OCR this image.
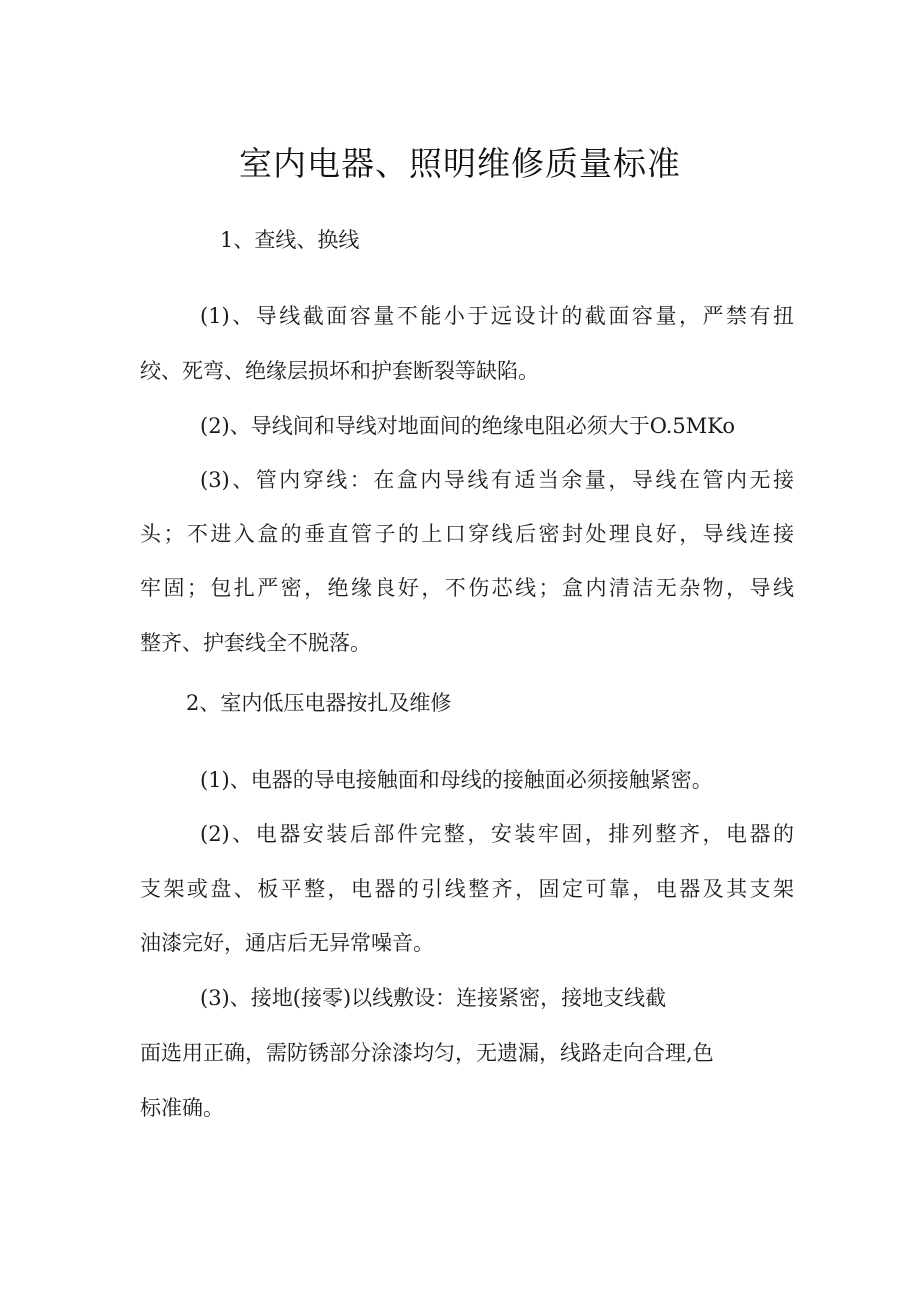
室内电器、照明维修质量标准
1、查线、换线
(1)、导线截面容量不能小于远设计的截面容量，严禁有扭
绞、死弯、绝缘层损坏和护套断裂等缺陷。
(2)、导线间和导线对地面间的绝缘电阻必须大于O.5MKo
(3)、管内穿线：在盒内导线有适当余量，导线在管内无接
头；不进入盒的垂直管子的上口穿线后密封处理良好，导线连接
牢固；包扎严密，绝缘良好，不伤芯线；盒内清洁无杂物，导线
整齐、护套线全不脱落。
2、室内低压电器按扎及维修
(1)、电器的导电接触面和母线的接触面必须接触紧密。
(2)、电器安装后部件完整，安装牢固，排列整齐，电器的
支架或盘、板平整，电器的引线整齐，固定可靠，电器及其支架
油漆完好，通店后无异常噪音。
(3)、接地(接零)以线敷设：连接紧密，接地支线截
面选用正确，需防锈部分涂漆均匀，无遗漏，线路走向合理,色
标准确。
